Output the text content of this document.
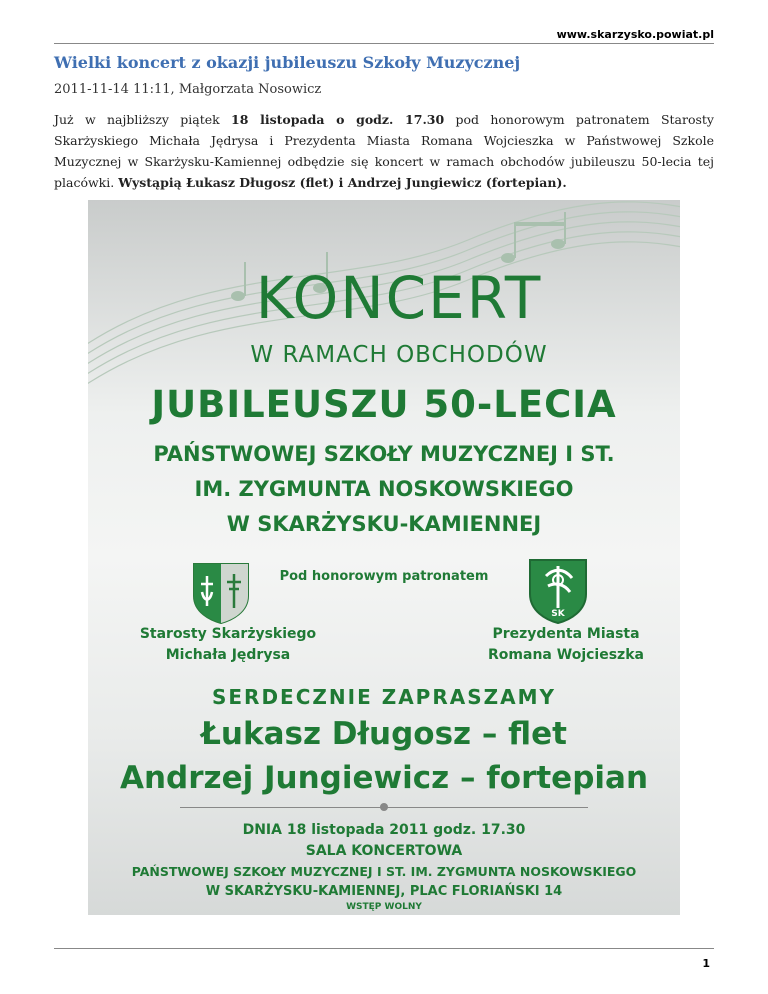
www.skarzysko.powiat.pl
Wielki koncert z okazji jubileuszu Szkoły Muzycznej
2011-11-14 11:11, Małgorzata Nosowicz

Już w najbliższy piątek 18 listopada o godz. 17.30 pod honorowym patronatem Starosty Skarżyskiego Michała Jędrysa i Prezydenta Miasta Romana Wojcieszka w Państwowej Szkole Muzycznej w Skarżysku-Kamiennej odbędzie się koncert w ramach obchodów jubileuszu 50-lecia tej placówki. Wystąpią Łukasz Długosz (flet) i Andrzej Jungiewicz (fortepian).

KONCERT
W RAMACH OBCHODÓW
JUBILEUSZU 50-LECIA
PAŃSTWOWEJ SZKOŁY MUZYCZNEJ I ST.
IM. ZYGMUNTA NOSKOWSKIEGO
W SKARŻYSKU-KAMIENNEJ
Pod honorowym patronatem
SK
Starosty Skarżyskiego
Michała Jędrysa
Prezydenta Miasta
Romana Wojcieszka
SERDECZNIE ZAPRASZAMY
Łukasz Długosz – flet
Andrzej Jungiewicz – fortepian
DNIA 18 listopada 2011 godz. 17.30
SALA KONCERTOWA
PAŃSTWOWEJ SZKOŁY MUZYCZNEJ I ST. IM. ZYGMUNTA NOSKOWSKIEGO
W SKARŻYSKU-KAMIENNEJ, PLAC FLORIAŃSKI 14
WSTĘP WOLNY
1
